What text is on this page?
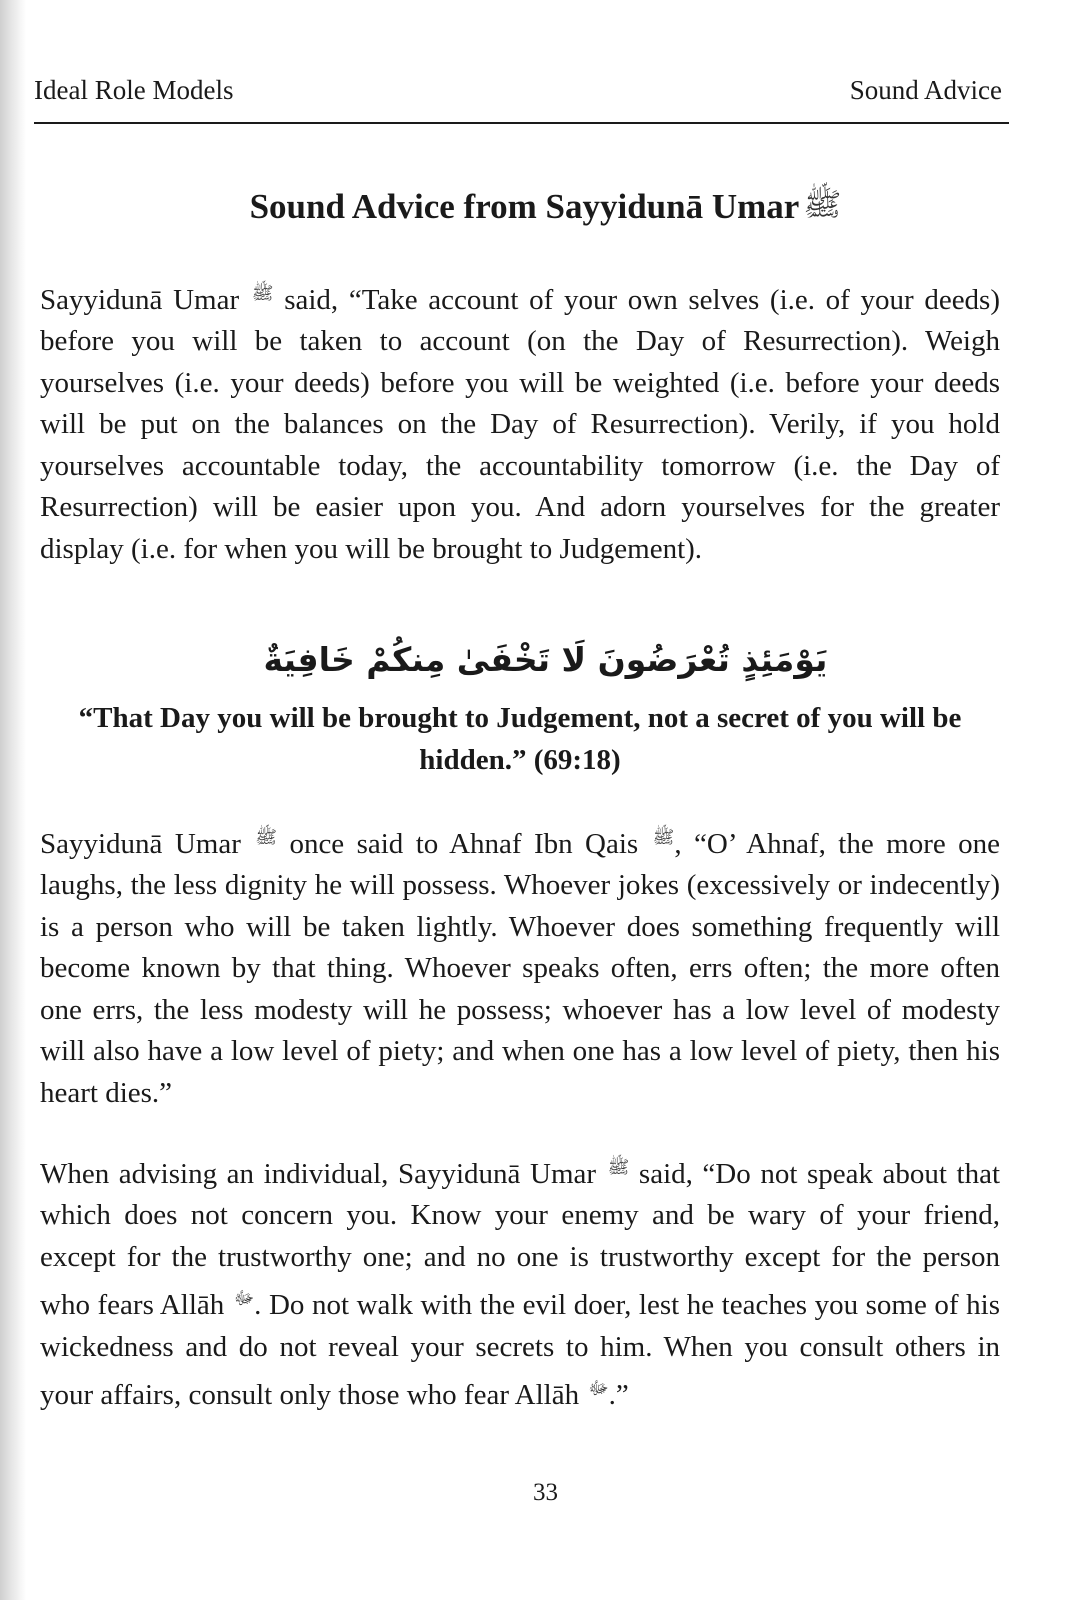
Ideal Role Models	Sound Advice
Sound Advice from Sayyidunā Umar ﷺ

Sayyidunā Umar $^ﷺ$ said, “Take account of your own selves (i.e. of your deeds) before you will be taken to account (on the Day of Resurrection). Weigh yourselves (i.e. your deeds) before you will be weighted (i.e. before your deeds will be put on the balances on the Day of Resurrection). Verily, if you hold yourselves accountable today, the accountability tomorrow (i.e. the Day of Resurrection) will be easier upon you. And adorn yourselves for the greater display (i.e. for when you will be brought to Judgement).

يَوْمَئِذٍ تُعْرَضُونَ لَا تَخْفَىٰ مِنكُمْ خَافِيَةٌ
“That Day you will be brought to Judgement, not a secret of you will be hidden.” (69:18)

Sayyidunā Umar $^ﷺ$ once said to Ahnaf Ibn Qais $^ﷺ$, “O’ Ahnaf, the more one laughs, the less dignity he will possess. Whoever jokes (excessively or indecently) is a person who will be taken lightly. Whoever does something frequently will become known by that thing. Whoever speaks often, errs often; the more often one errs, the less modesty will he possess; whoever has a low level of modesty will also have a low level of piety; and when one has a low level of piety, then his heart dies.”

When advising an individual, Sayyidunā Umar $^ﷺ$ said, “Do not speak about that which does not concern you. Know your enemy and be wary of your friend, except for the trustworthy one; and no one is trustworthy except for the person who fears Allāh $^ﷻ$. Do not walk with the evil doer, lest he teaches you some of his wickedness and do not reveal your secrets to him. When you consult others in your affairs, consult only those who fear Allāh $^ﷻ$.”

33
